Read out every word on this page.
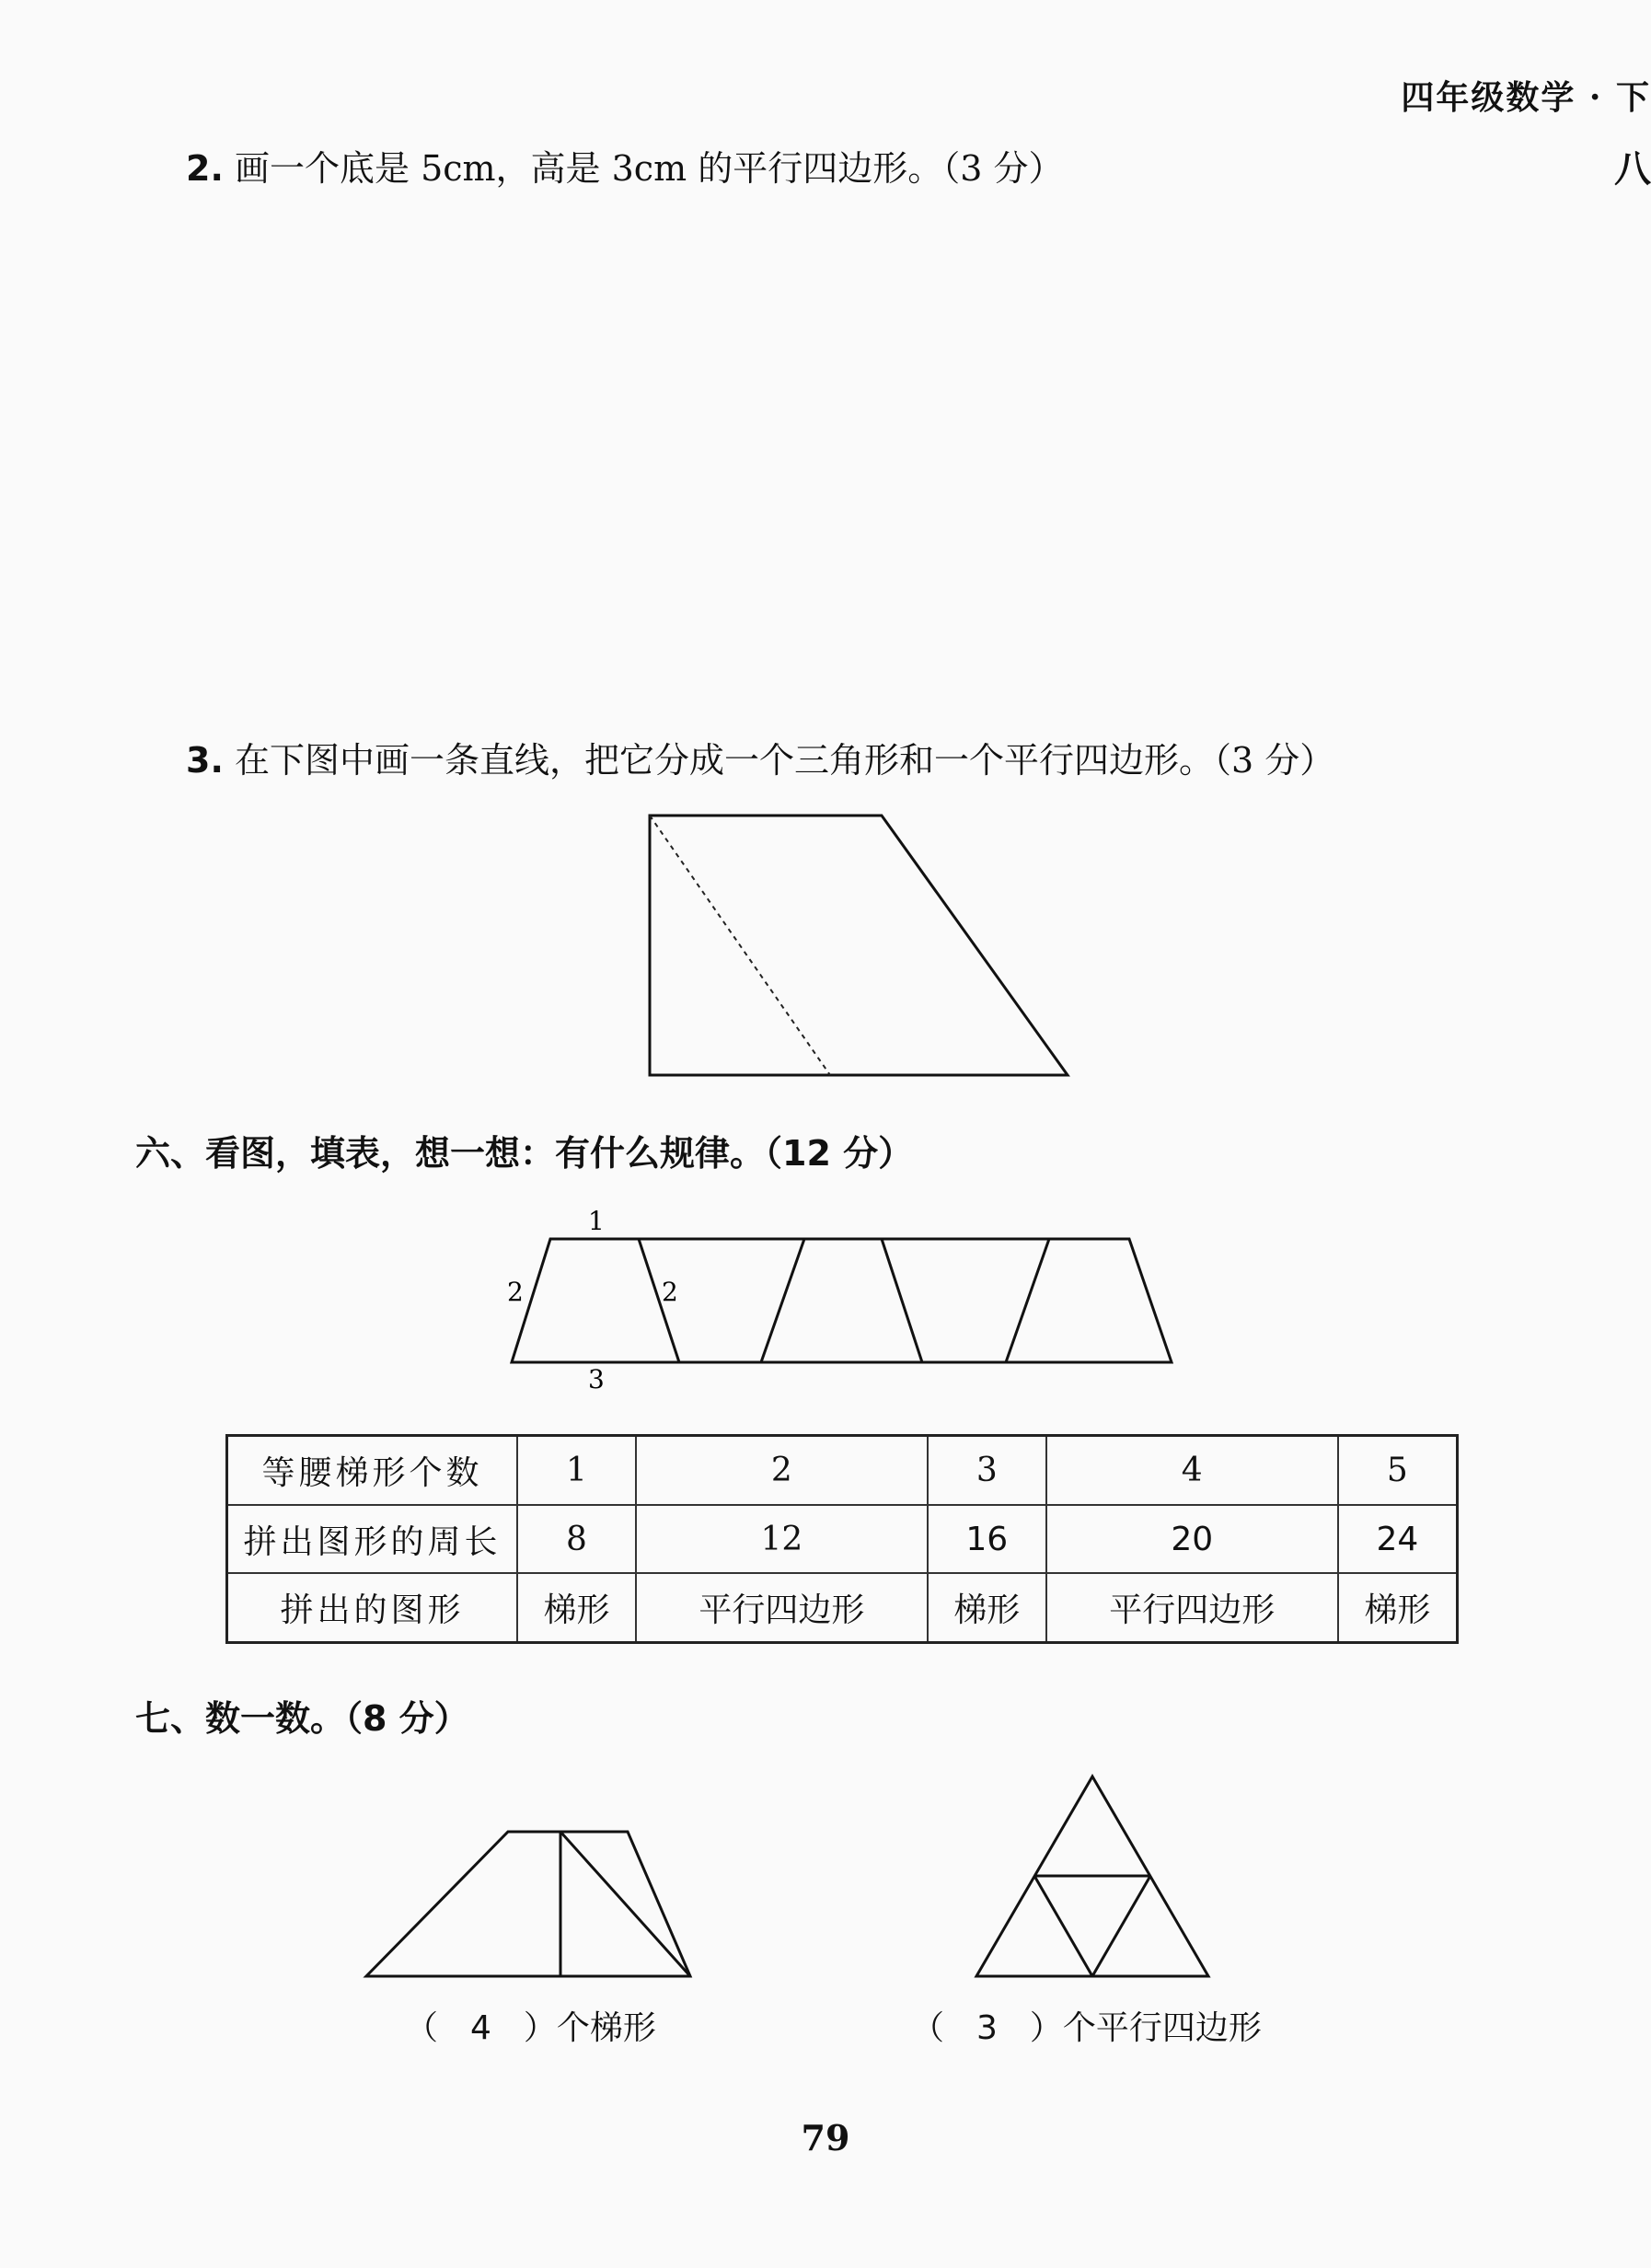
四年级数学 · 下
八
2. 画一个底是 5cm，高是 3cm 的平行四边形。（3 分）
3. 在下图中画一条直线，把它分成一个三角形和一个平行四边形。（3 分）
1
2	2
3
六、看图，填表，想一想：有什么规律。（12 分）
等腰梯形个数	1	2	3	4	5
拼出图形的周长	8	12	16	20	24
拼出的图形	梯形	平行四边形	梯形	平行四边形	梯形
七、数一数。（8 分）
（ 4 ）个梯形	（ 3 ）个平行四边形
79
